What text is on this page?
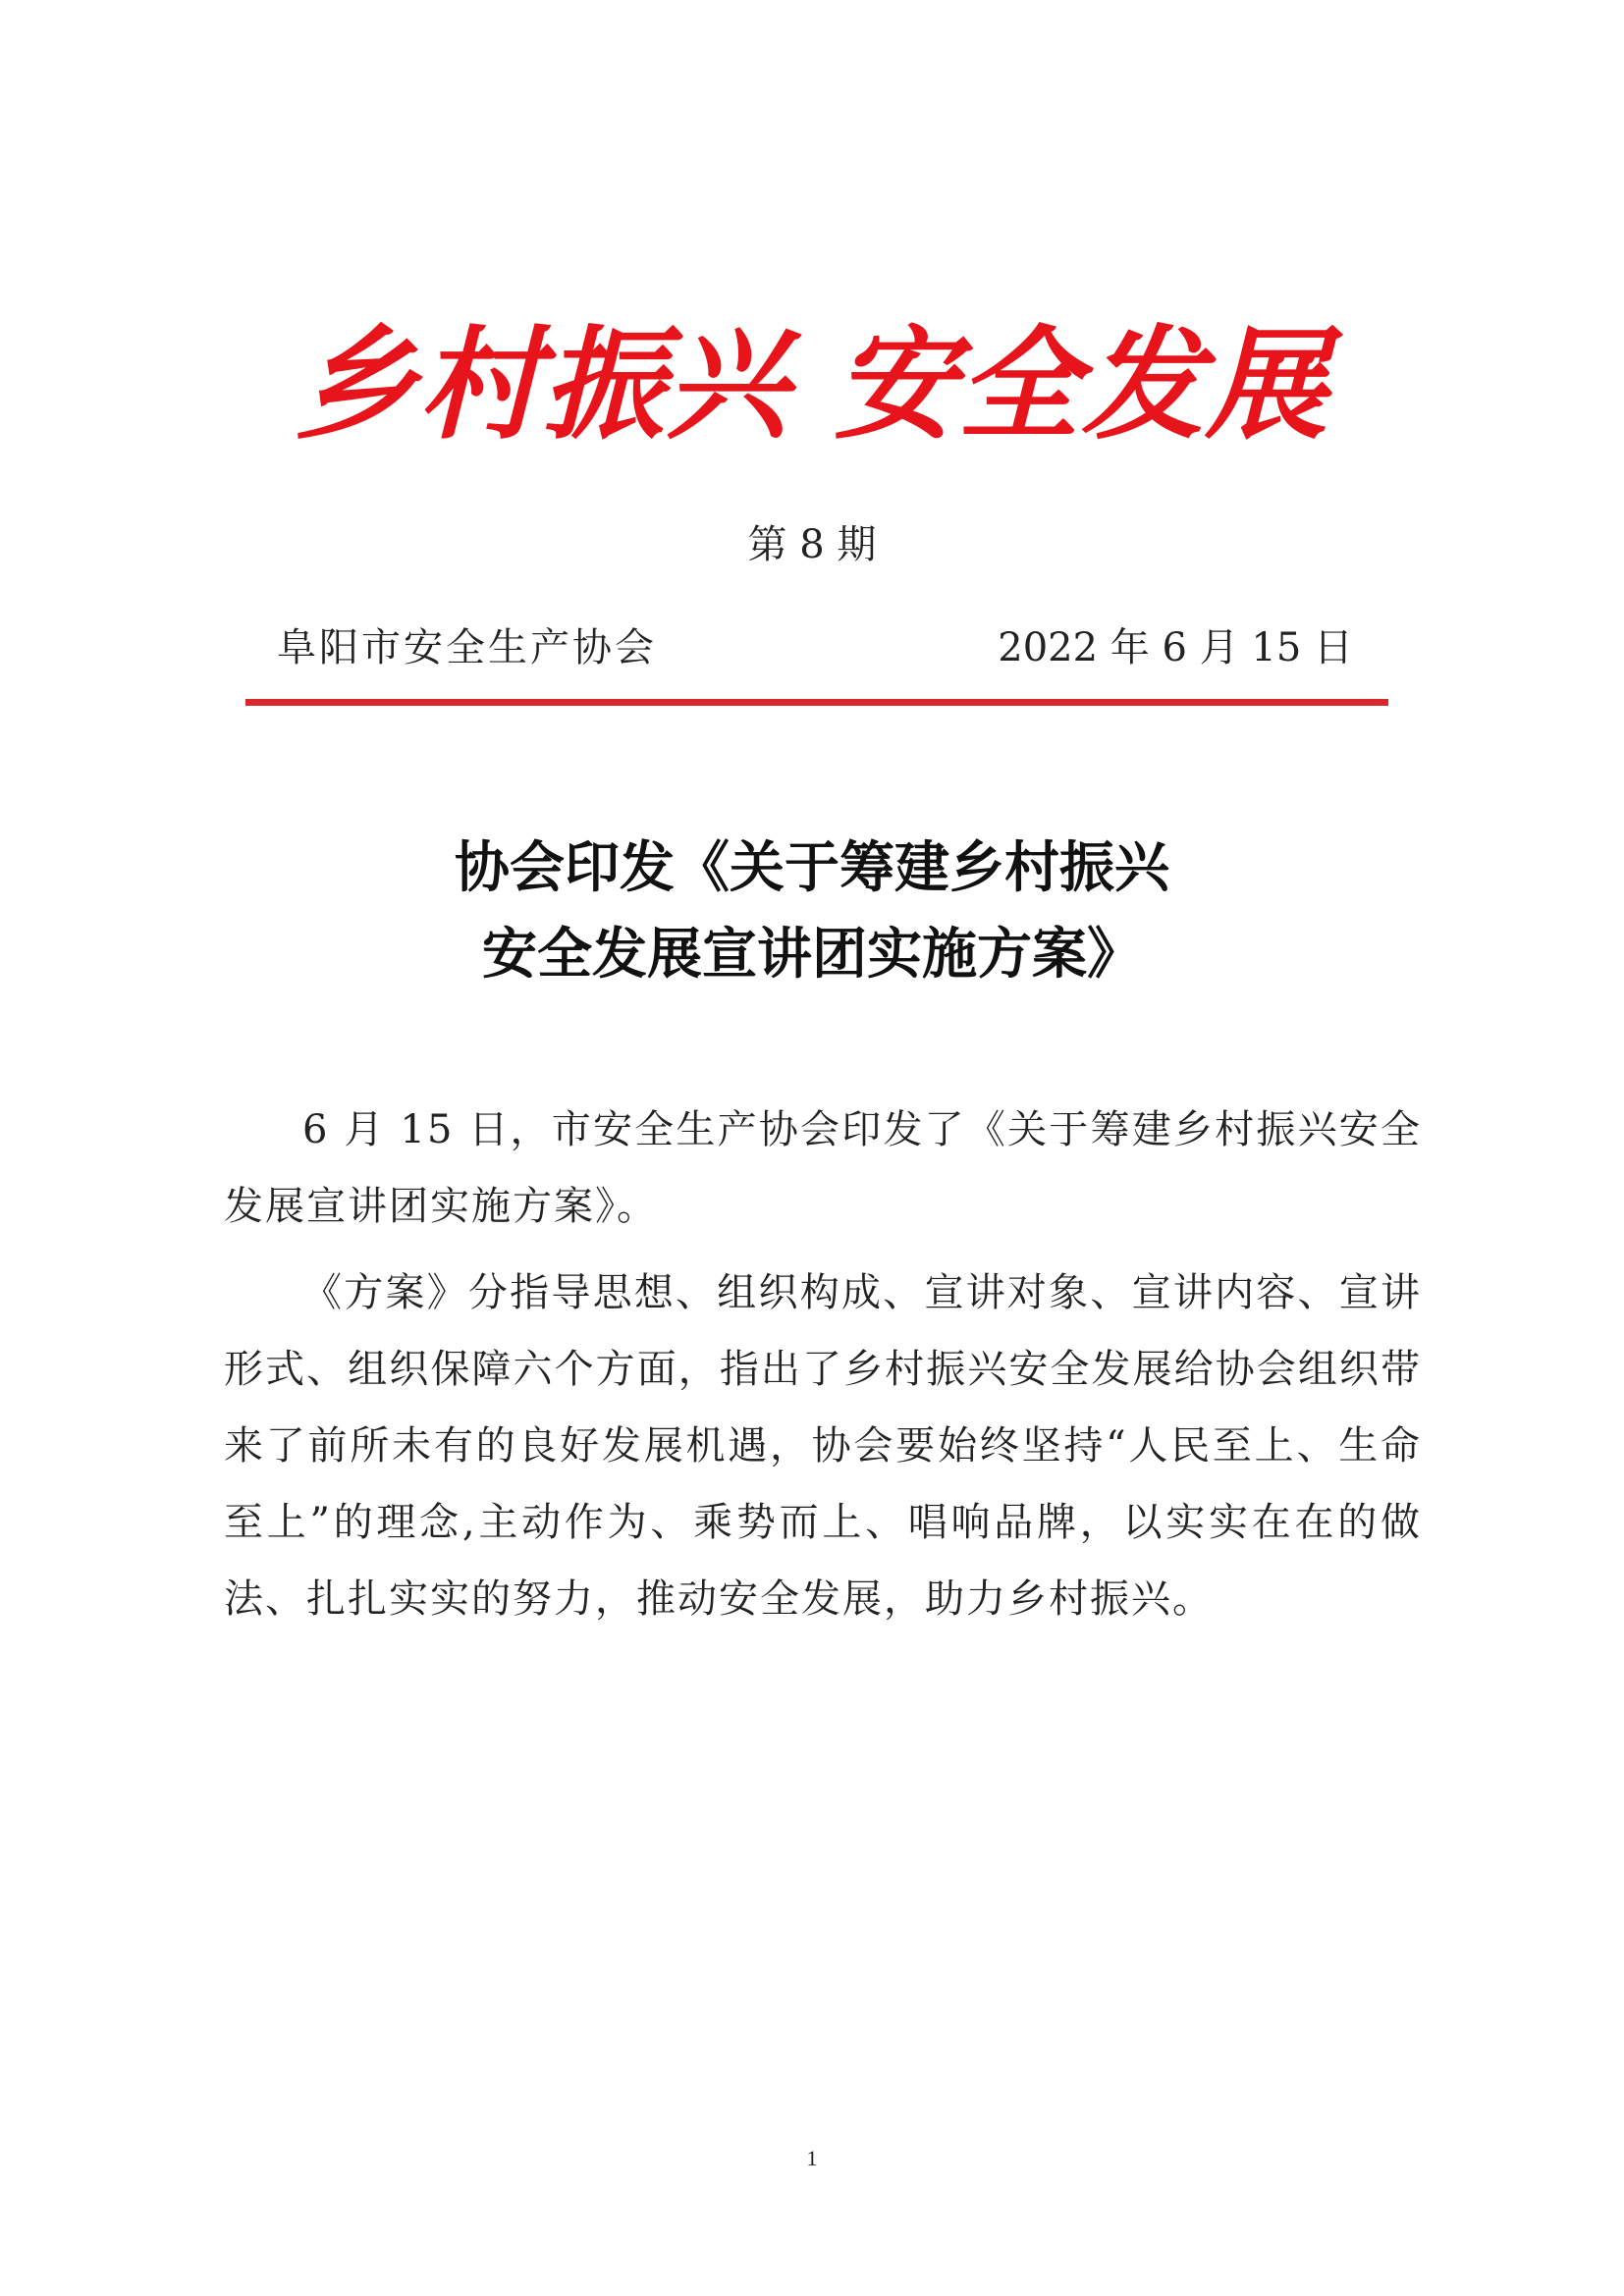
乡村振兴 安全发展
第 8 期
阜阳市安全生产协会	2022 年 6 月 15 日
协会印发《关于筹建乡村振兴
安全发展宣讲团实施方案》

6 月 15 日，市安全生产协会印发了《关于筹建乡村振兴安全发展宣讲团实施方案》。

《方案》分指导思想、组织构成、宣讲对象、宣讲内容、宣讲形式、组织保障六个方面，指出了乡村振兴安全发展给协会组织带来了前所未有的良好发展机遇，协会要始终坚持“人民至上、生命至上”的理念,主动作为、乘势而上、唱响品牌，以实实在在的做法、扎扎实实的努力，推动安全发展，助力乡村振兴。

1
